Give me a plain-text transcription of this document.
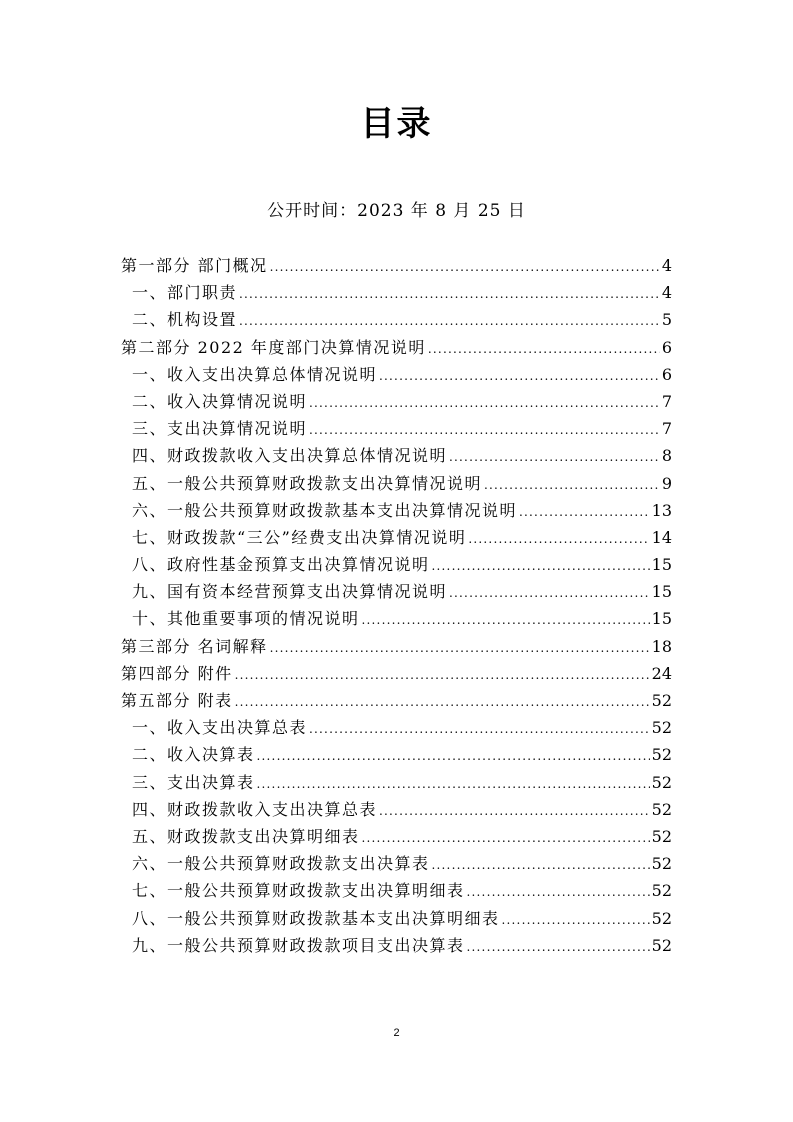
目录
公开时间：2023 年 8 月 25 日
第一部分 部门概况 .....	4
一、部门职责 .....	4
二、机构设置 .....	5
第二部分 2022 年度部门决算情况说明 .....	6
一、收入支出决算总体情况说明 .....	6
二、收入决算情况说明 .....	7
三、支出决算情况说明 .....	7
四、财政拨款收入支出决算总体情况说明 .....	8
五、一般公共预算财政拨款支出决算情况说明 .....	9
六、一般公共预算财政拨款基本支出决算情况说明 .....	13
七、财政拨款“三公”经费支出决算情况说明 .....	14
八、政府性基金预算支出决算情况说明 .....	15
九、国有资本经营预算支出决算情况说明 .....	15
十、其他重要事项的情况说明 .....	15
第三部分 名词解释 .....	18
第四部分 附件 .....	24
第五部分 附表 .....	52
一、收入支出决算总表 .....	52
二、收入决算表 .....	52
三、支出决算表 .....	52
四、财政拨款收入支出决算总表 .....	52
五、财政拨款支出决算明细表 .....	52
六、一般公共预算财政拨款支出决算表 .....	52
七、一般公共预算财政拨款支出决算明细表 .....	52
八、一般公共预算财政拨款基本支出决算明细表 .....	52
九、一般公共预算财政拨款项目支出决算表 .....	52
2
